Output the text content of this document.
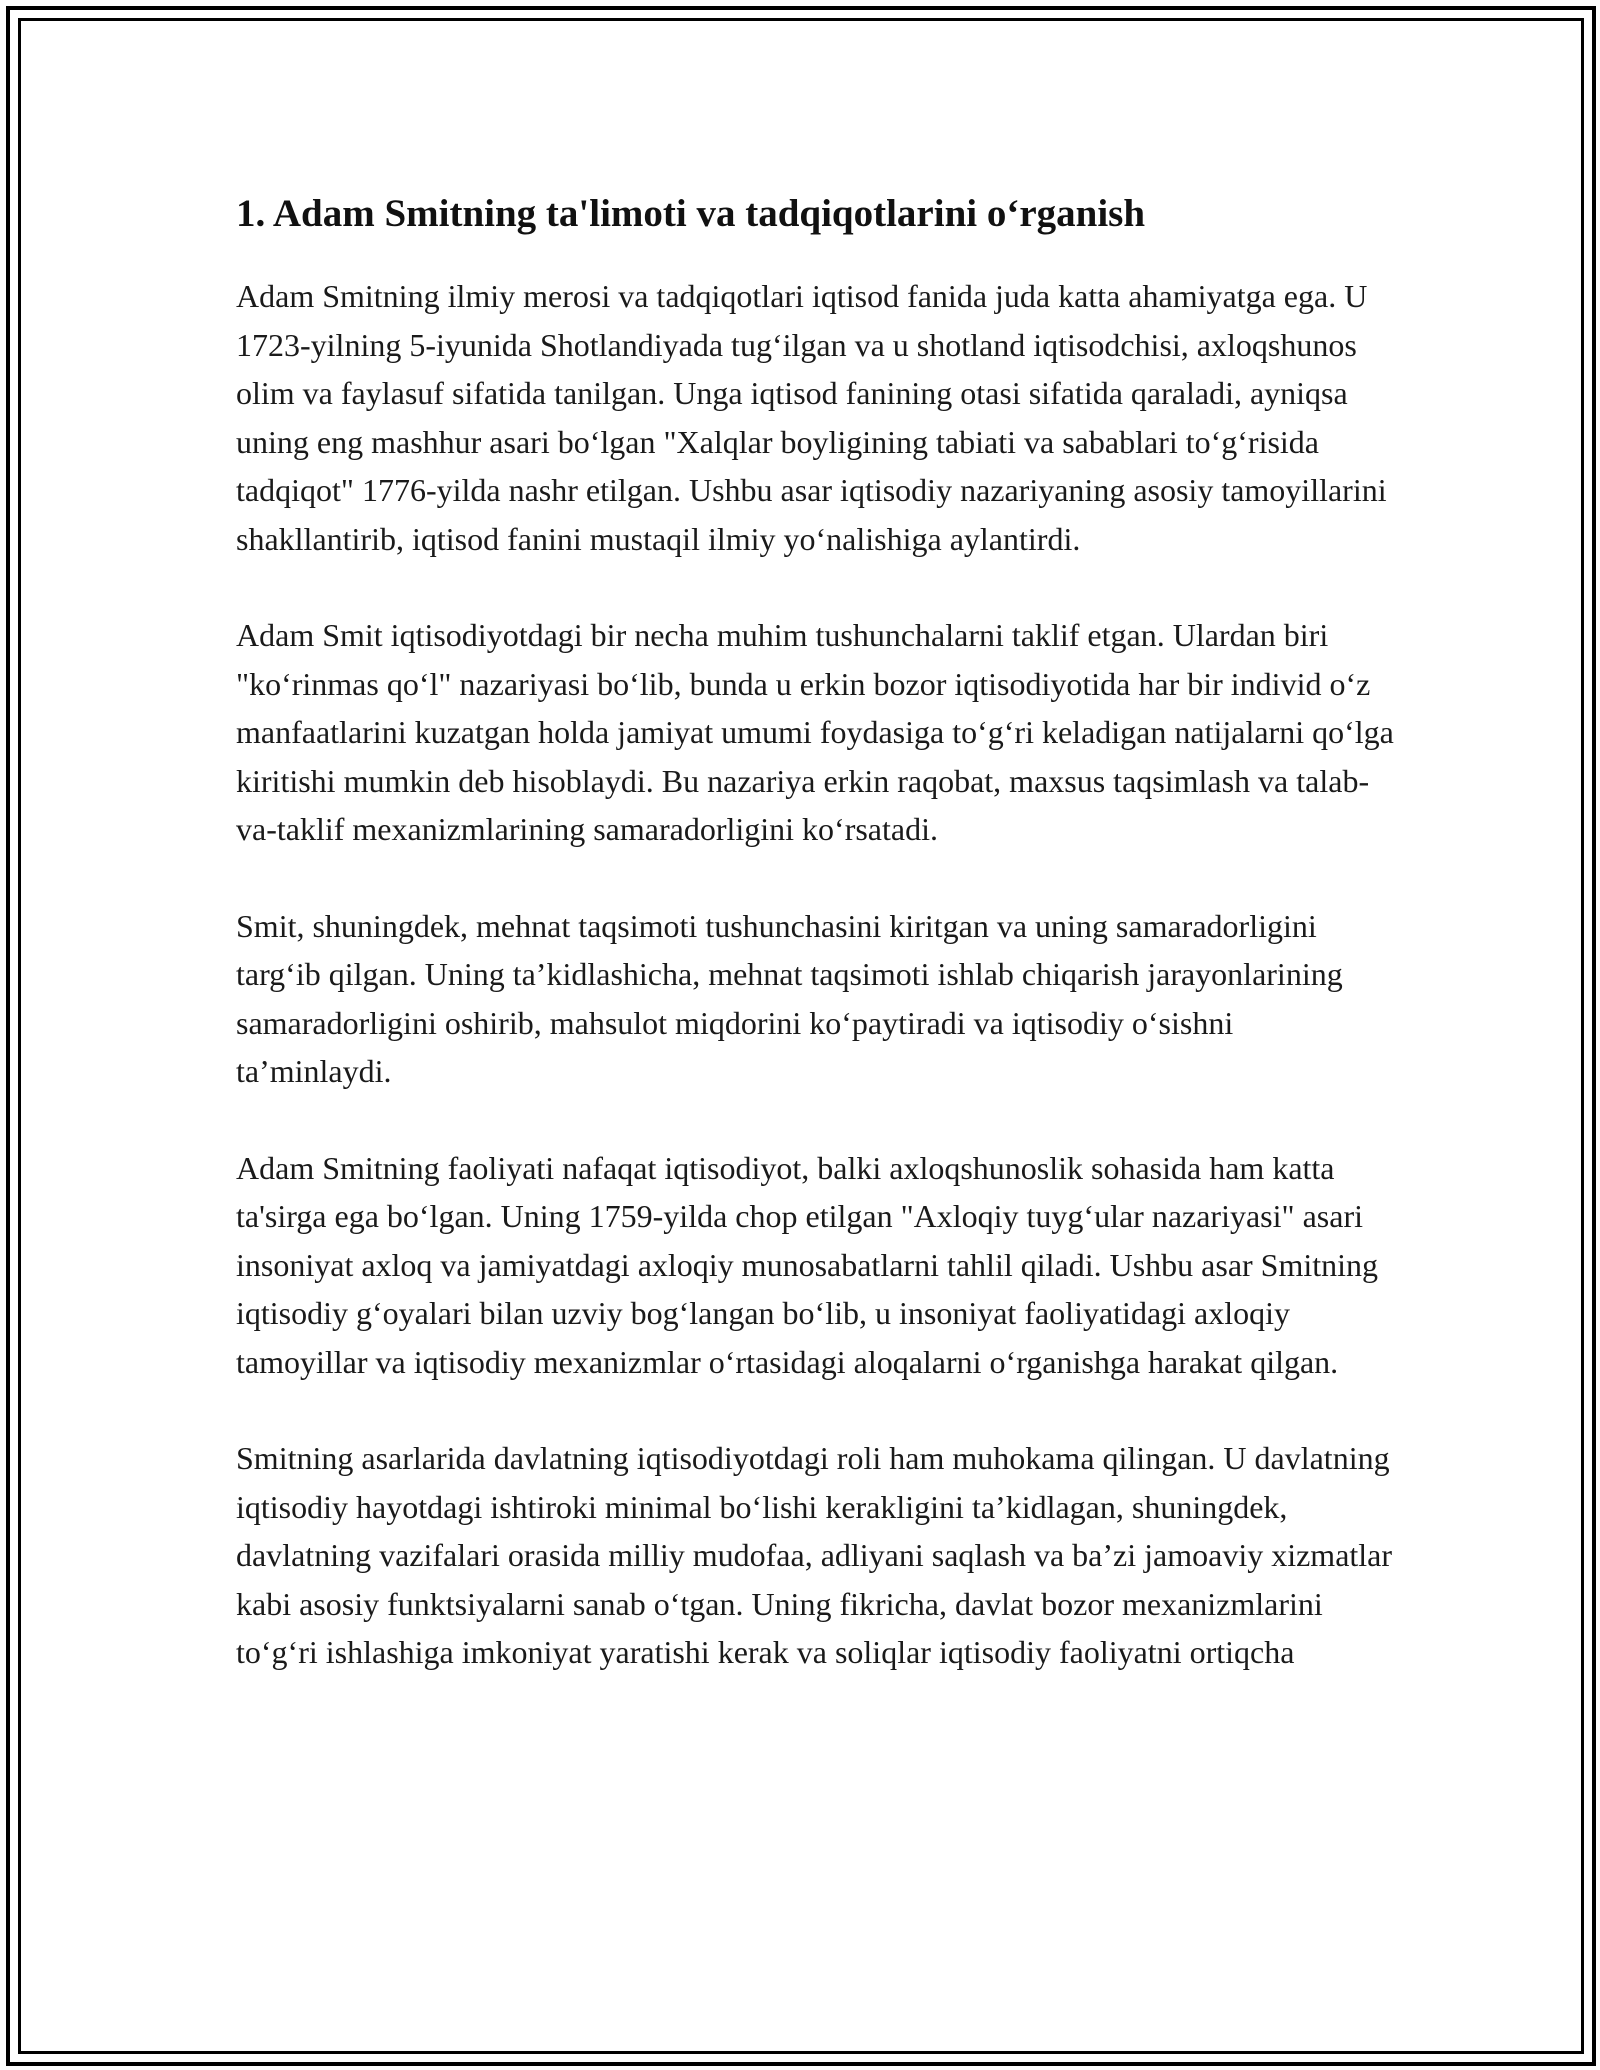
1. Adam Smitning ta'limoti va tadqiqotlarini o‘rganish

Adam Smitning ilmiy merosi va tadqiqotlari iqtisod fanida juda katta ahamiyatga ega. U 1723-yilning 5-iyunida Shotlandiyada tug‘ilgan va u shotland iqtisodchisi, axloqshunos olim va faylasuf sifatida tanilgan. Unga iqtisod fanining otasi sifatida qaraladi, ayniqsa uning eng mashhur asari bo‘lgan "Xalqlar boyligining tabiati va sabablari to‘g‘risida tadqiqot" 1776-yilda nashr etilgan. Ushbu asar iqtisodiy nazariyaning asosiy tamoyillarini shakllantirib, iqtisod fanini mustaqil ilmiy yo‘nalishiga aylantirdi.

Adam Smit iqtisodiyotdagi bir necha muhim tushunchalarni taklif etgan. Ulardan biri "ko‘rinmas qo‘l" nazariyasi bo‘lib, bunda u erkin bozor iqtisodiyotida har bir individ o‘z manfaatlarini kuzatgan holda jamiyat umumi foydasiga to‘g‘ri keladigan natijalarni qo‘lga kiritishi mumkin deb hisoblaydi. Bu nazariya erkin raqobat, maxsus taqsimlash va talab-va-taklif mexanizmlarining samaradorligini ko‘rsatadi.

Smit, shuningdek, mehnat taqsimoti tushunchasini kiritgan va uning samaradorligini targ‘ib qilgan. Uning ta’kidlashicha, mehnat taqsimoti ishlab chiqarish jarayonlarining samaradorligini oshirib, mahsulot miqdorini ko‘paytiradi va iqtisodiy o‘sishni ta’minlaydi.

Adam Smitning faoliyati nafaqat iqtisodiyot, balki axloqshunoslik sohasida ham katta ta'sirga ega bo‘lgan. Uning 1759-yilda chop etilgan "Axloqiy tuyg‘ular nazariyasi" asari insoniyat axloq va jamiyatdagi axloqiy munosabatlarni tahlil qiladi. Ushbu asar Smitning iqtisodiy g‘oyalari bilan uzviy bog‘langan bo‘lib, u insoniyat faoliyatidagi axloqiy tamoyillar va iqtisodiy mexanizmlar o‘rtasidagi aloqalarni o‘rganishga harakat qilgan.

Smitning asarlarida davlatning iqtisodiyotdagi roli ham muhokama qilingan. U davlatning iqtisodiy hayotdagi ishtiroki minimal bo‘lishi kerakligini ta’kidlagan, shuningdek, davlatning vazifalari orasida milliy mudofaa, adliyani saqlash va ba’zi jamoaviy xizmatlar kabi asosiy funktsiyalarni sanab o‘tgan. Uning fikricha, davlat bozor mexanizmlarini to‘g‘ri ishlashiga imkoniyat yaratishi kerak va soliqlar iqtisodiy faoliyatni ortiqcha
